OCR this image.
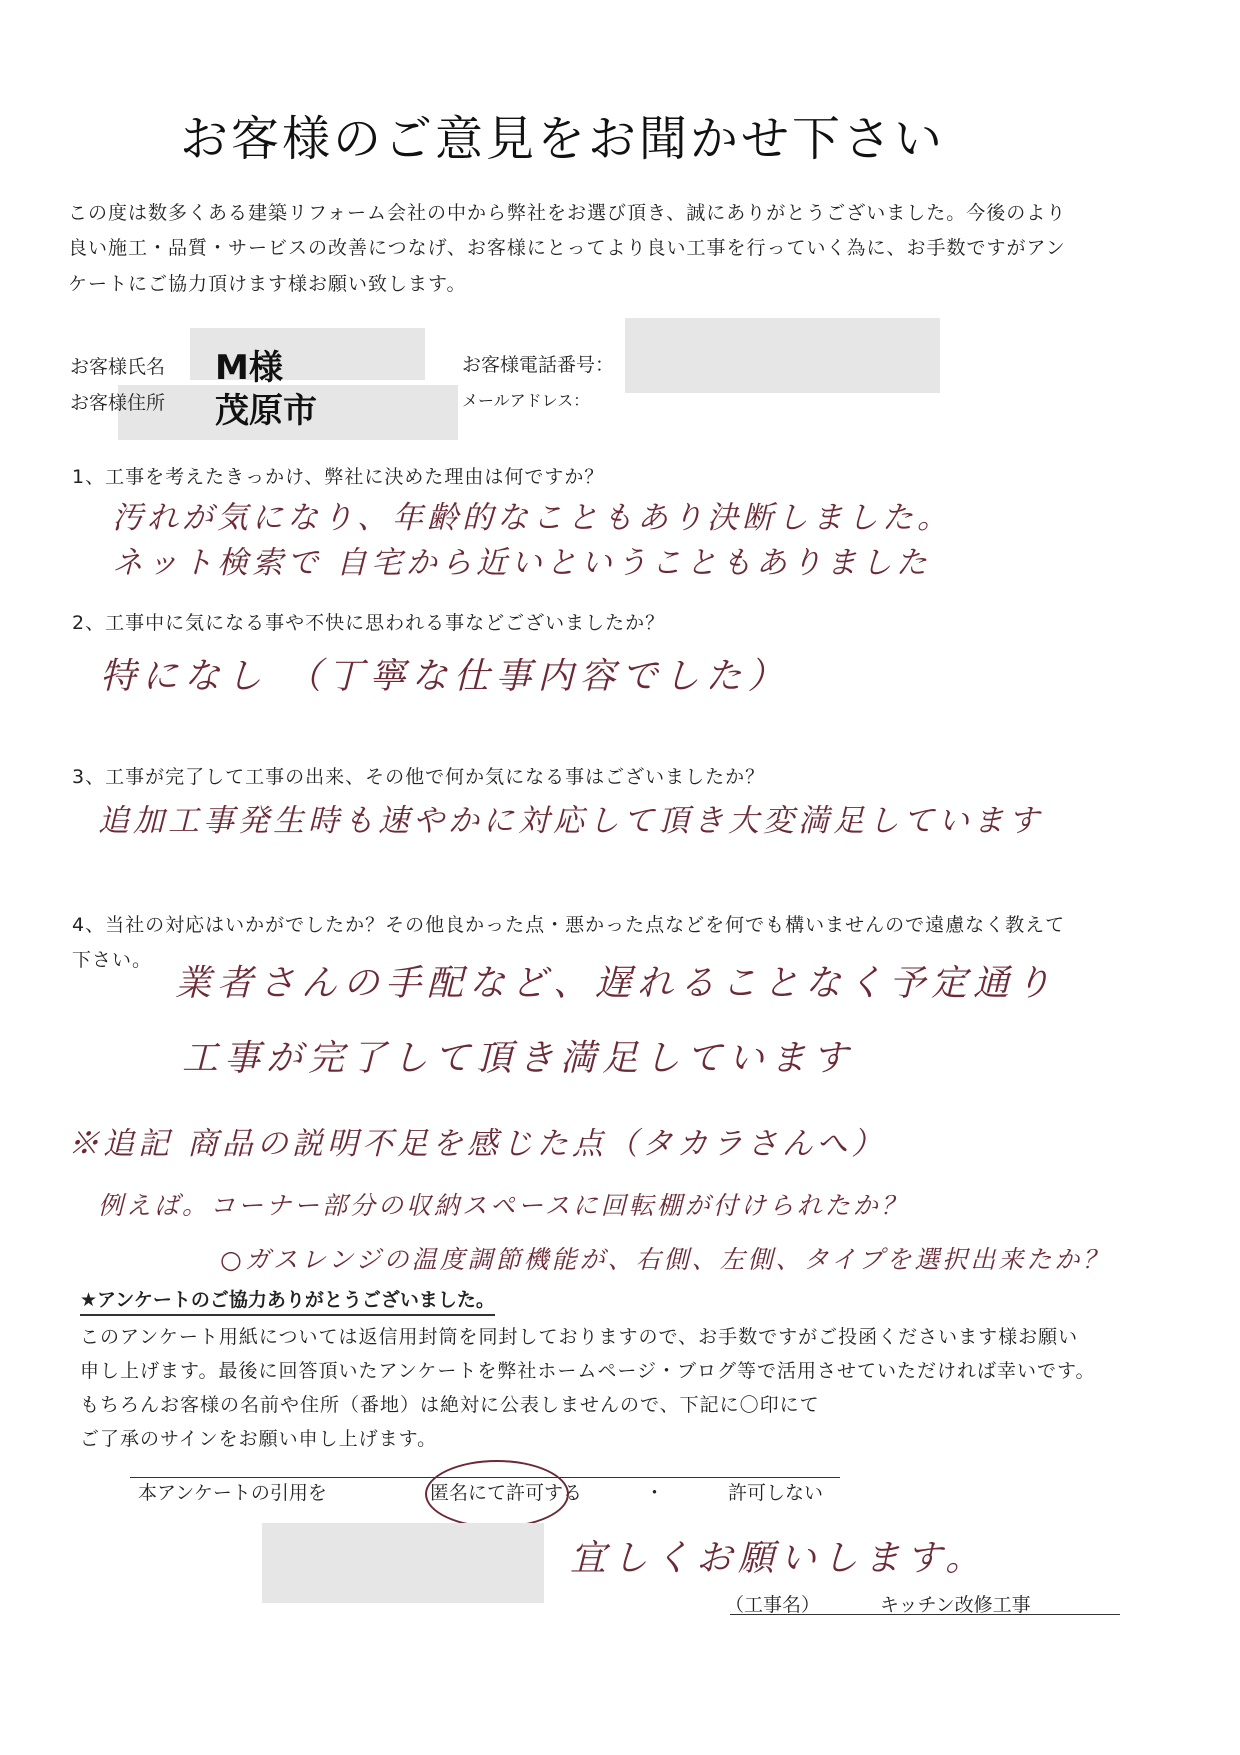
お客様のご意見をお聞かせ下さい
この度は数多くある建築リフォーム会社の中から弊社をお選び頂き、誠にありがとうございました。今後のより
良い施工・品質・サービスの改善につなげ、お客様にとってより良い工事を行っていく為に、お手数ですがアン
ケートにご協力頂けます様お願い致します。
お客様氏名 M様
お客様住所 茂原市
お客様電話番号：
メールアドレス：
1、工事を考えたきっかけ、弊社に決めた理由は何ですか？
汚れが気になり、年齢的なこともあり決断しました。
ネット検索で 自宅から近いということもありました
2、工事中に気になる事や不快に思われる事などございましたか？
特になし （丁寧な仕事内容でした）
3、工事が完了して工事の出来、その他で何か気になる事はございましたか？
追加工事発生時も速やかに対応して頂き大変満足しています
4、当社の対応はいかがでしたか？その他良かった点・悪かった点などを何でも構いませんので遠慮なく教えて
下さい。
業者さんの手配など、遅れることなく予定通り
工事が完了して頂き満足しています
※追記 商品の説明不足を感じた点（タカラさんへ）
例えば。コーナー部分の収納スペースに回転棚が付けられたか？
○ガスレンジの温度調節機能が、右側、左側、タイプを選択出来たか？
★アンケートのご協力ありがとうございました。
このアンケート用紙については返信用封筒を同封しておりますので、お手数ですがご投函くださいます様お願い
申し上げます。最後に回答頂いたアンケートを弊社ホームページ・ブログ等で活用させていただければ幸いです。
もちろんお客様の名前や住所（番地）は絶対に公表しませんので、下記に〇印にて
ご了承のサインをお願い申し上げます。
本アンケートの引用を	匿名にて許可する	・	許可しない
宜しくお願いします。
（工事名）	キッチン改修工事
